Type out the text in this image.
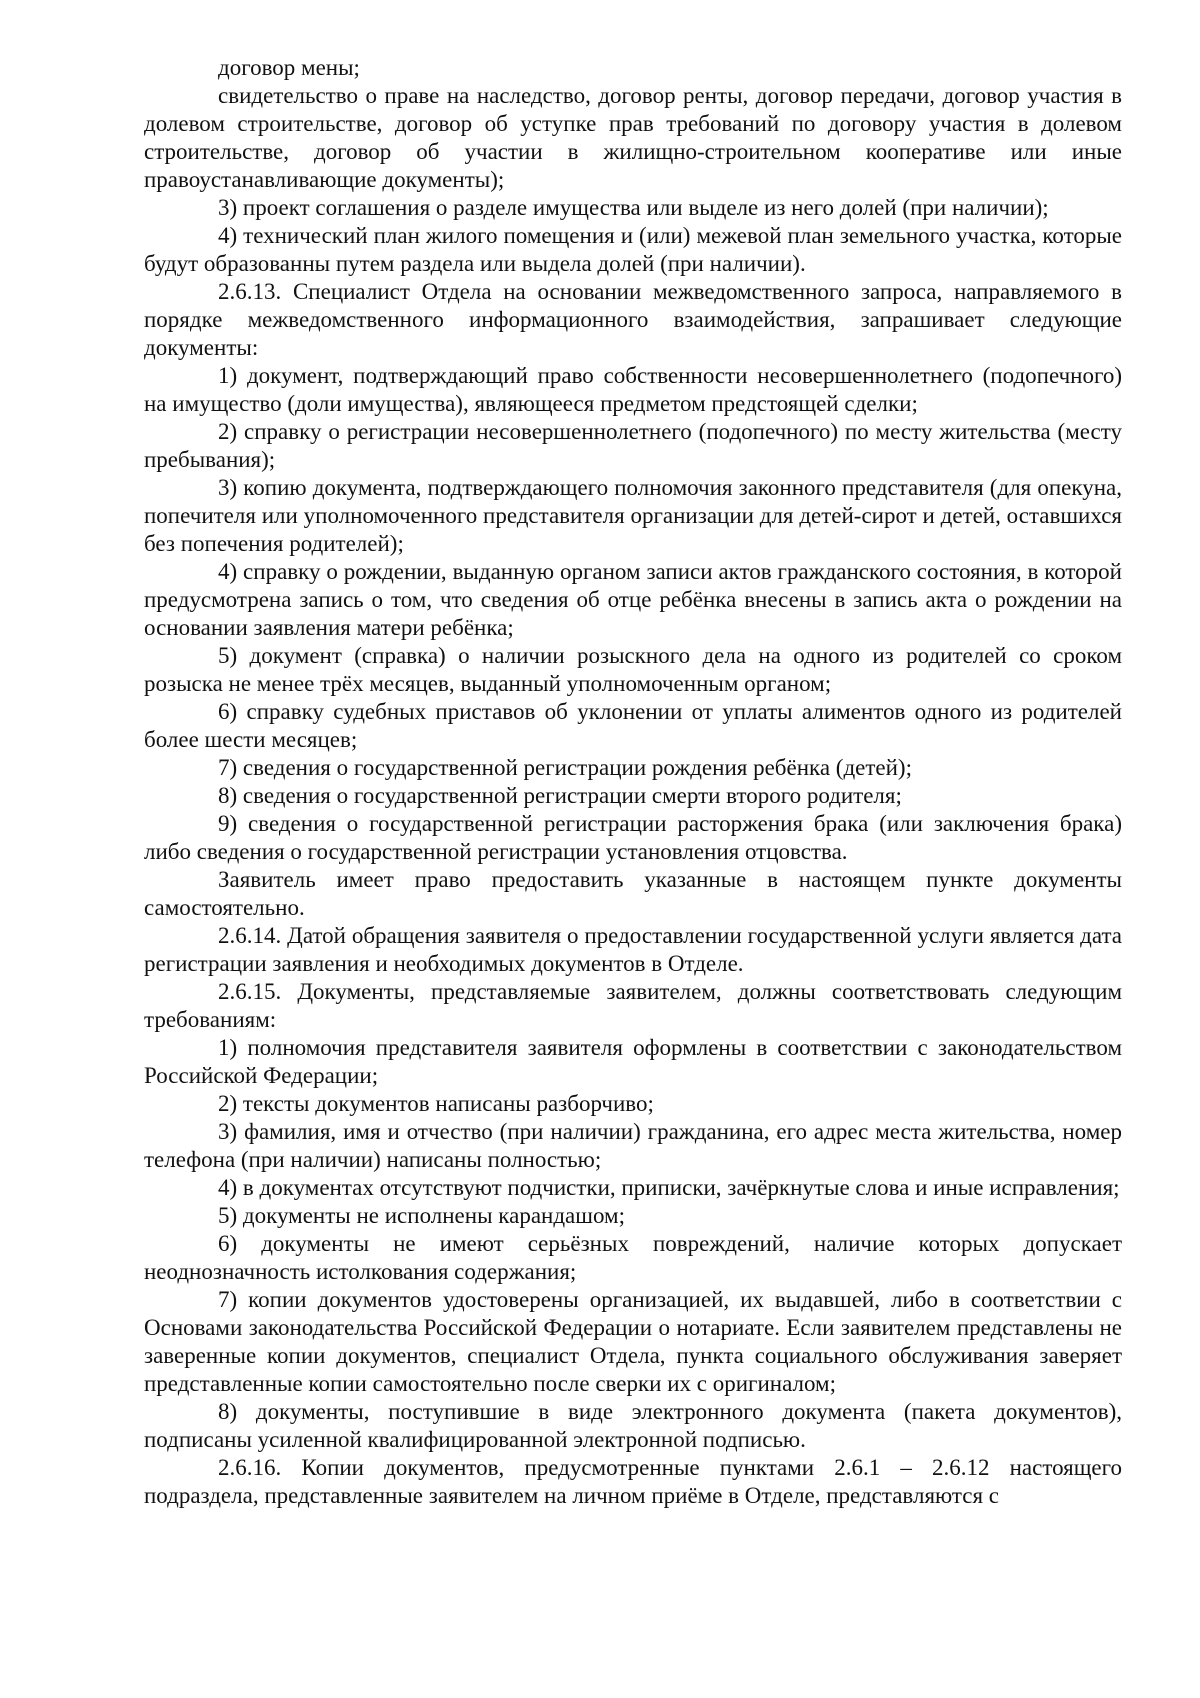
договор мены;

свидетельство о праве на наследство, договор ренты, договор передачи, договор участия в долевом строительстве, договор об уступке прав требований по договору участия в долевом строительстве, договор об участии в жилищно-строительном кооперативе или иные правоустанавливающие документы);

3) проект соглашения о разделе имущества или выделе из него долей (при наличии);

4) технический план жилого помещения и (или) межевой план земельного участка, которые будут образованны путем раздела или выдела долей (при наличии).

2.6.13. Специалист Отдела на основании межведомственного запроса, направляемого в порядке межведомственного информационного взаимодействия, запрашивает следующие документы:

1) документ, подтверждающий право собственности несовершеннолетнего (подопечного) на имущество (доли имущества), являющееся предметом предстоящей сделки;

2) справку о регистрации несовершеннолетнего (подопечного) по месту жительства (месту пребывания);

3) копию документа, подтверждающего полномочия законного представителя (для опекуна, попечителя или уполномоченного представителя организации для детей-сирот и детей, оставшихся без попечения родителей);

4) справку о рождении, выданную органом записи актов гражданского состояния, в которой предусмотрена запись о том, что сведения об отце ребёнка внесены в запись акта о рождении на основании заявления матери ребёнка;

5) документ (справка) о наличии розыскного дела на одного из родителей со сроком розыска не менее трёх месяцев, выданный уполномоченным органом;

6) справку судебных приставов об уклонении от уплаты алиментов одного из родителей более шести месяцев;

7) сведения о государственной регистрации рождения ребёнка (детей);

8) сведения о государственной регистрации смерти второго родителя;

9) сведения о государственной регистрации расторжения брака (или заключения брака) либо сведения о государственной регистрации установления отцовства.

Заявитель имеет право предоставить указанные в настоящем пункте документы самостоятельно.

2.6.14. Датой обращения заявителя о предоставлении государственной услуги является дата регистрации заявления и необходимых документов в Отделе.

2.6.15. Документы, представляемые заявителем, должны соответствовать следующим требованиям:

1) полномочия представителя заявителя оформлены в соответствии с законодательством Российской Федерации;

2) тексты документов написаны разборчиво;

3) фамилия, имя и отчество (при наличии) гражданина, его адрес места жительства, номер телефона (при наличии) написаны полностью;

4) в документах отсутствуют подчистки, приписки, зачёркнутые слова и иные исправления;

5) документы не исполнены карандашом;

6) документы не имеют серьёзных повреждений, наличие которых допускает неоднозначность истолкования содержания;

7) копии документов удостоверены организацией, их выдавшей, либо в соответствии с Основами законодательства Российской Федерации о нотариате. Если заявителем представлены не заверенные копии документов, специалист Отдела, пункта социального обслуживания заверяет представленные копии самостоятельно после сверки их с оригиналом;

8) документы, поступившие в виде электронного документа (пакета документов), подписаны усиленной квалифицированной электронной подписью.

2.6.16. Копии документов, предусмотренные пунктами 2.6.1 – 2.6.12 настоящего подраздела, представленные заявителем на личном приёме в Отделе, представляются с
